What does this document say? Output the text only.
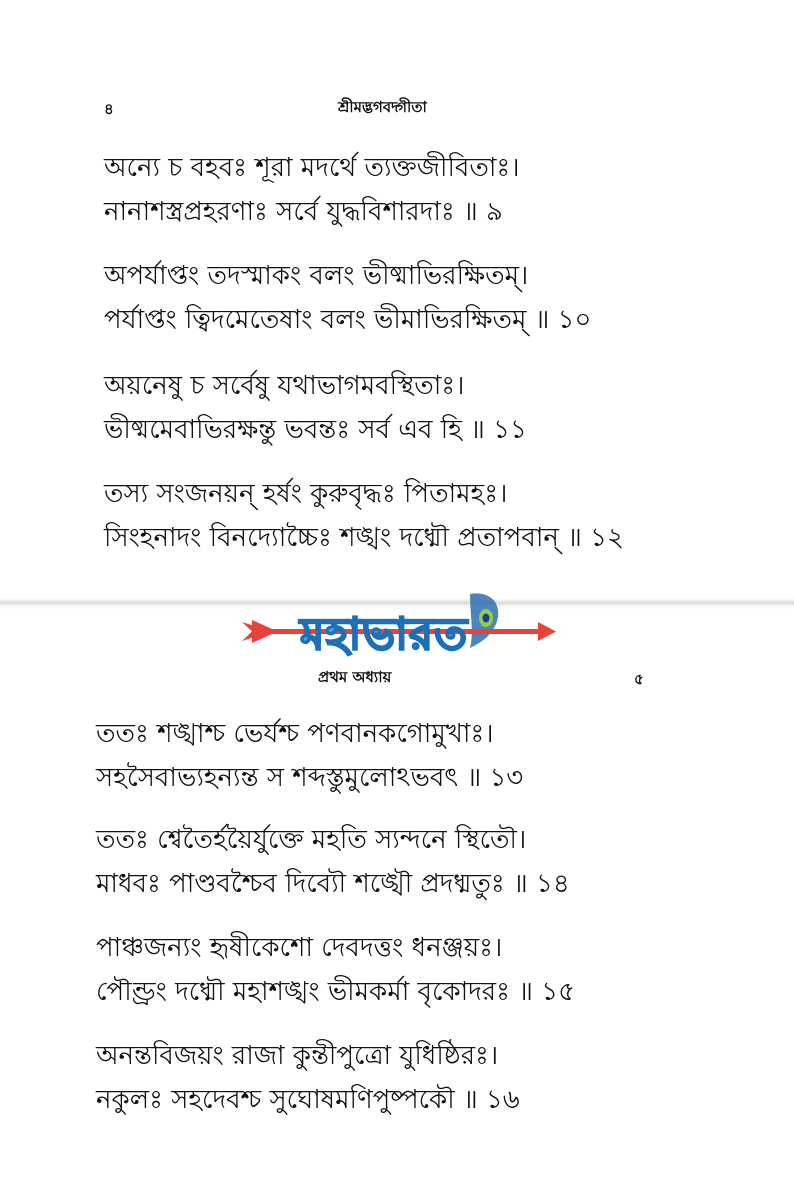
৪	শ্রীমদ্ভগবদ্গীতা
অন্যে চ বহবঃ শূরা মদর্থে ত্যক্তজীবিতাঃ।
নানাশস্ত্রপ্রহরণাঃ সর্বে যুদ্ধবিশারদাঃ ॥ ৯
অপর্যাপ্তং তদস্মাকং বলং ভীষ্মাভিরক্ষিতম্।
পর্যাপ্তং ত্বিদমেতেষাং বলং ভীমাভিরক্ষিতম্ ॥ ১০
অয়নেষু চ সর্বেষু যথাভাগমবস্থিতাঃ।
ভীষ্মমেবাভিরক্ষন্তু ভবন্তঃ সর্ব এব হি ॥ ১১
তস্য সংজনয়ন্ হর্ষং কুরুবৃদ্ধঃ পিতামহঃ।
সিংহনাদং বিনদ্যোচ্চৈঃ শঙ্খং দধ্মৌ প্রতাপবান্ ॥ ১২
মহাভারত
প্রথম অধ্যায়	৫
ততঃ শঙ্খাশ্চ ভের্যশ্চ পণবানকগোমুখাঃ।
সহসৈবাভ্যহন্যন্ত স শব্দস্তুমুলোঽভবৎ ॥ ১৩
ততঃ শ্বেতৈর্হয়ৈর্যুক্তে মহতি স্যন্দনে স্থিতৌ।
মাধবঃ পাণ্ডবশ্চৈব দিব্যৌ শঙ্খৌ প্রদধ্মতুঃ ॥ ১৪
পাঞ্চজন্যং হৃষীকেশো দেবদত্তং ধনঞ্জয়ঃ।
পৌণ্ড্রং দধ্মৌ মহাশঙ্খং ভীমকর্মা বৃকোদরঃ ॥ ১৫
অনন্তবিজয়ং রাজা কুন্তীপুত্রো যুধিষ্ঠিরঃ।
নকুলঃ সহদেবশ্চ সুঘোষমণিপুষ্পকৌ ॥ ১৬
